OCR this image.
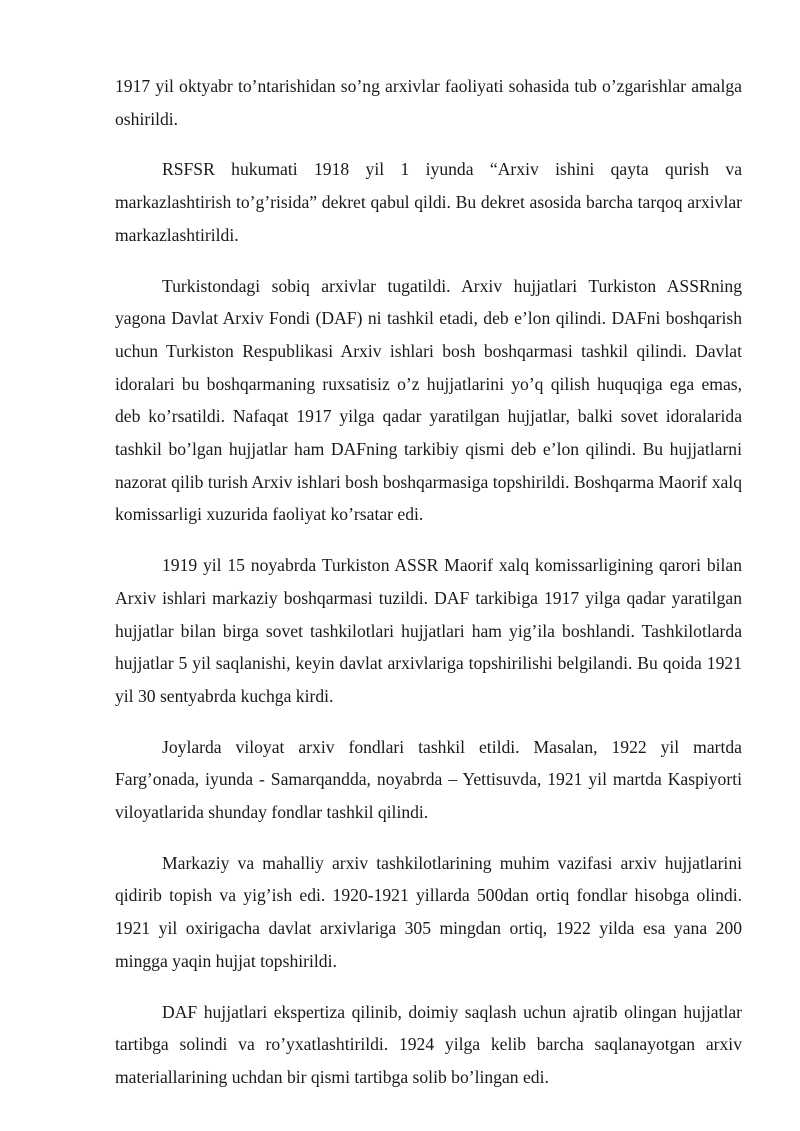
1917 yil oktyabr to’ntarishidan so’ng arxivlar faoliyati sohasida tub o’zgarishlar amalga oshirildi.

RSFSR hukumati 1918 yil 1 iyunda “Arxiv ishini qayta qurish va markazlashtirish to’g’risida” dekret qabul qildi. Bu dekret asosida barcha tarqoq arxivlar markazlashtirildi.

Turkistondagi sobiq arxivlar tugatildi. Arxiv hujjatlari Turkiston ASSRning yagona Davlat Arxiv Fondi (DAF) ni tashkil etadi, deb e’lon qilindi. DAFni boshqarish uchun Turkiston Respublikasi Arxiv ishlari bosh boshqarmasi tashkil qilindi. Davlat idoralari bu boshqarmaning ruxsatisiz o’z hujjatlarini yo’q qilish huquqiga ega emas, deb ko’rsatildi. Nafaqat 1917 yilga qadar yaratilgan hujjatlar, balki sovet idoralarida tashkil bo’lgan hujjatlar ham DAFning tarkibiy qismi deb e’lon qilindi. Bu hujjatlarni nazorat qilib turish Arxiv ishlari bosh boshqarmasiga topshirildi. Boshqarma Maorif xalq komissarligi xuzurida faoliyat ko’rsatar edi.

1919 yil 15 noyabrda Turkiston ASSR Maorif xalq komissarligining qarori bilan Arxiv ishlari markaziy boshqarmasi tuzildi. DAF tarkibiga 1917 yilga qadar yaratilgan hujjatlar bilan birga sovet tashkilotlari hujjatlari ham yig’ila boshlandi. Tashkilotlarda hujjatlar 5 yil saqlanishi, keyin davlat arxivlariga topshirilishi belgilandi. Bu qoida 1921 yil 30 sentyabrda kuchga kirdi.

Joylarda viloyat arxiv fondlari tashkil etildi. Masalan, 1922 yil martda Farg’onada, iyunda - Samarqandda, noyabrda – Yettisuvda, 1921 yil martda Kaspiyorti viloyatlarida shunday fondlar tashkil qilindi.

Markaziy va mahalliy arxiv tashkilotlarining muhim vazifasi arxiv hujjatlarini qidirib topish va yig’ish edi. 1920-1921 yillarda 500dan ortiq fondlar hisobga olindi. 1921 yil oxirigacha davlat arxivlariga 305 mingdan ortiq, 1922 yilda esa yana 200 mingga yaqin hujjat topshirildi.

DAF hujjatlari ekspertiza qilinib, doimiy saqlash uchun ajratib olingan hujjatlar tartibga solindi va ro’yxatlashtirildi. 1924 yilga kelib barcha saqlanayotgan arxiv materiallarining uchdan bir qismi tartibga solib bo’lingan edi.
